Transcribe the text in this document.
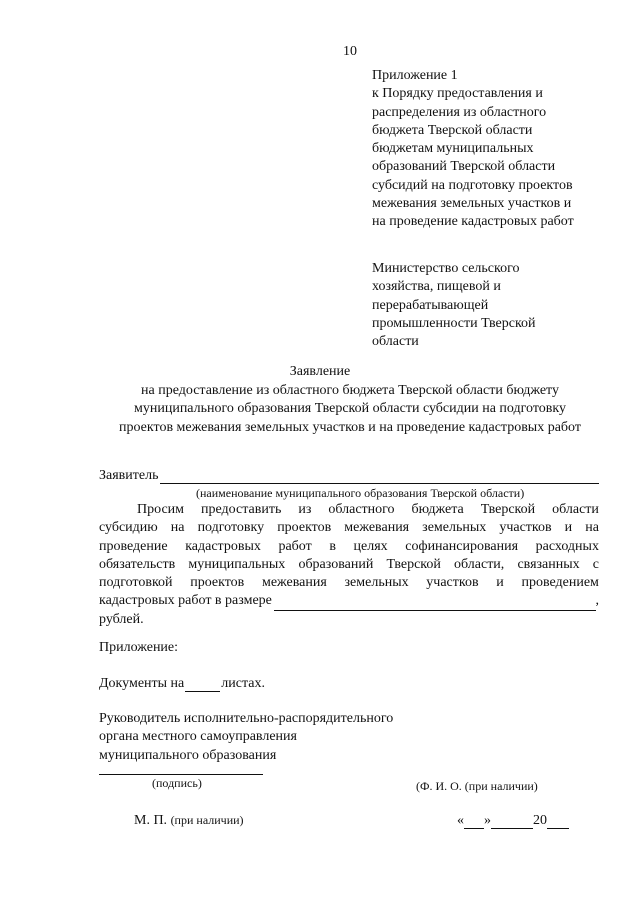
10
Приложение 1
к Порядку предоставления и
распределения из областного
бюджета Тверской области
бюджетам муниципальных
образований Тверской области
субсидий на подготовку проектов
межевания земельных участков и
на проведение кадастровых работ
Министерство сельского
хозяйства, пищевой и
перерабатывающей
промышленности Тверской
области
Заявление
на предоставление из областного бюджета Тверской области бюджету
муниципального образования Тверской области субсидии на подготовку
проектов межевания земельных участков и на проведение кадастровых работ
Заявитель
(наименование муниципального образования Тверской области)
Просим предоставить из областного бюджета Тверской области
субсидию на подготовку проектов межевания земельных участков и на
проведение кадастровых работ в целях софинансирования расходных
обязательств муниципальных образований Тверской области, связанных с
подготовкой проектов межевания земельных участков и проведением
кадастровых работ в размере	,
рублей.
Приложение:
Документы на	листах.
Руководитель исполнительно-распорядительного
органа местного самоуправления
муниципального образования
(подпись)	(Ф. И. О. (при наличии)
М. П. (при наличии)	« »	20
